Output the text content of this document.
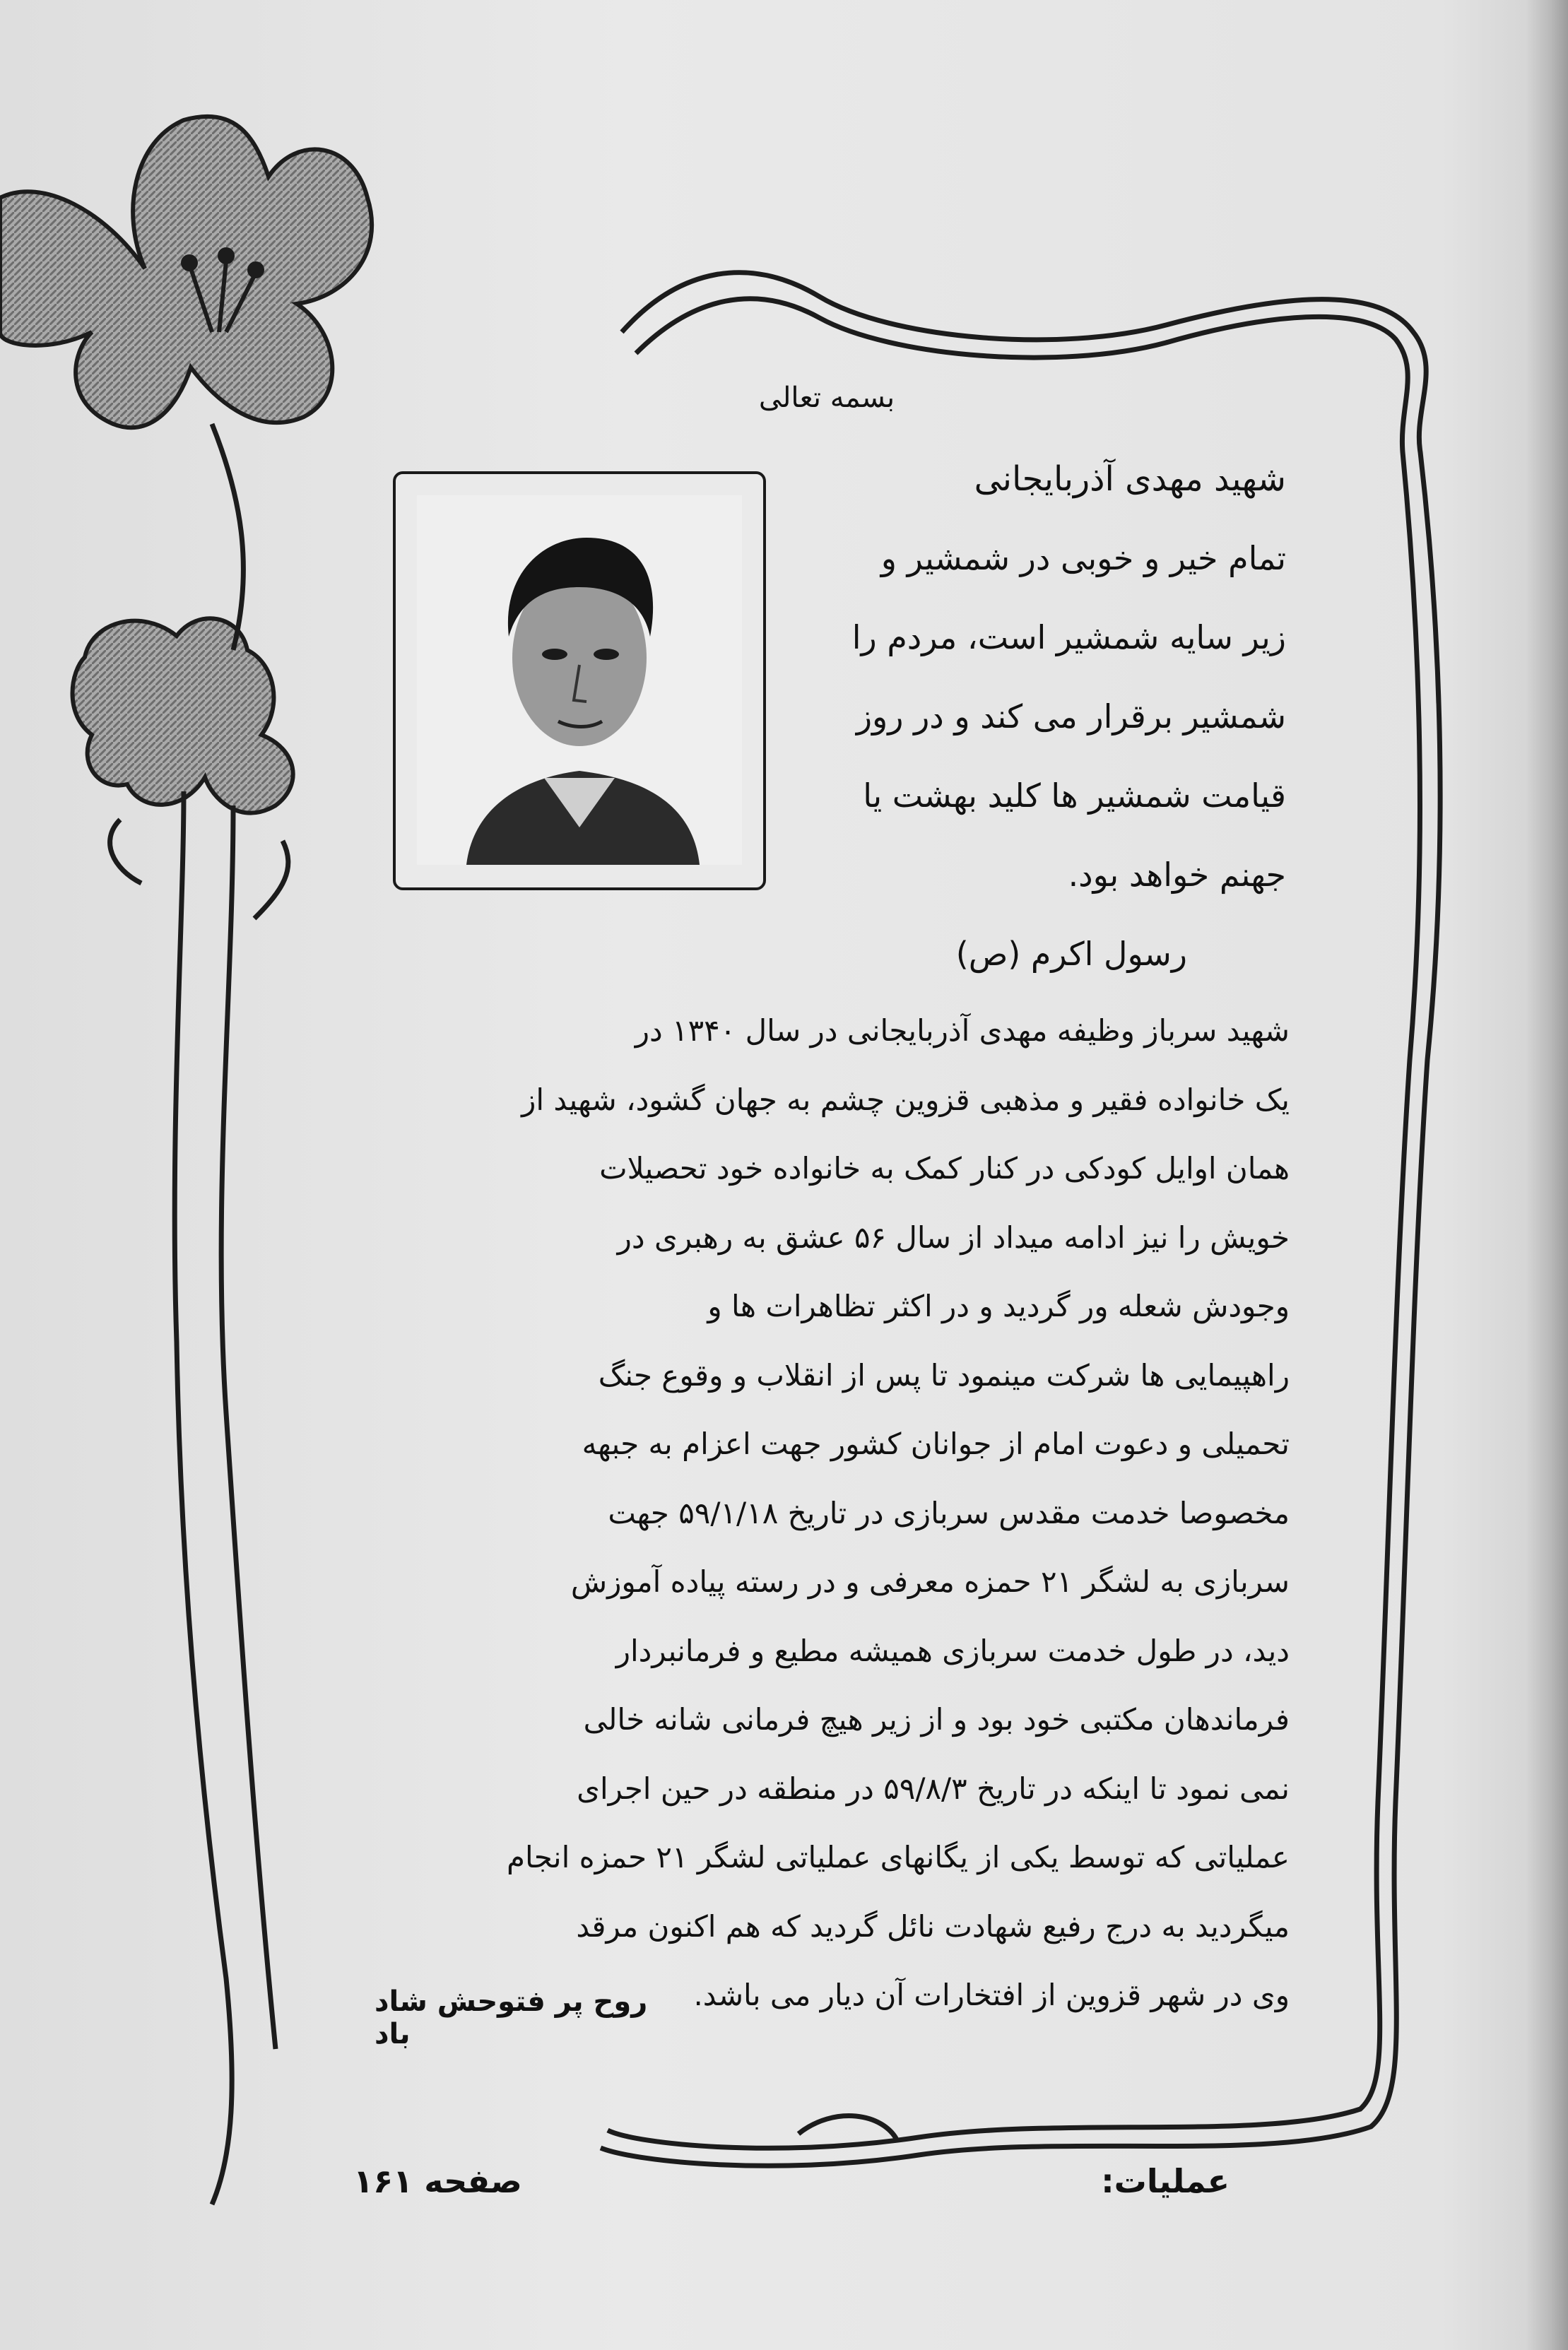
بسمه تعالی
شهید مهدی آذربایجانی
تمام خیر و خوبی در شمشیر و
زیر سایه شمشیر است، مردم را
شمشیر برقرار می کند و در روز
قیامت شمشیر ها کلید بهشت یا
جهنم خواهد بود.
رسول اکرم (ص)
شهید سرباز وظیفه مهدی آذربایجانی در سال ۱۳۴۰ در
یک خانواده فقیر و مذهبی قزوین چشم به جهان گشود، شهید از
همان اوایل کودکی در کنار کمک به خانواده خود تحصیلات
خویش را نیز ادامه میداد از سال ۵۶ عشق به رهبری در
وجودش شعله ور گردید و در اکثر تظاهرات ها و
راهپیمایی ها شرکت مینمود تا پس از انقلاب و وقوع جنگ
تحمیلی و دعوت امام از جوانان کشور جهت اعزام به جبهه
مخصوصا خدمت مقدس سربازی در تاریخ ۵۹/۱/۱۸ جهت
سربازی به لشگر ۲۱ حمزه معرفی و در رسته پیاده آموزش
دید، در طول خدمت سربازی همیشه مطیع و فرمانبردار
فرماندهان مکتبی خود بود و از زیر هیچ فرمانی شانه خالی
نمی نمود تا اینکه در تاریخ ۵۹/۸/۳ در منطقه در حین اجرای
عملیاتی که توسط یکی از یگانهای عملیاتی لشگر ۲۱ حمزه انجام
میگردید به درج رفیع شهادت نائل گردید که هم اکنون مرقد
وی در شهر قزوین از افتخارات آن دیار می باشد.
روح پر فتوحش شاد باد
عملیات:
صفحه ۱۶۱
